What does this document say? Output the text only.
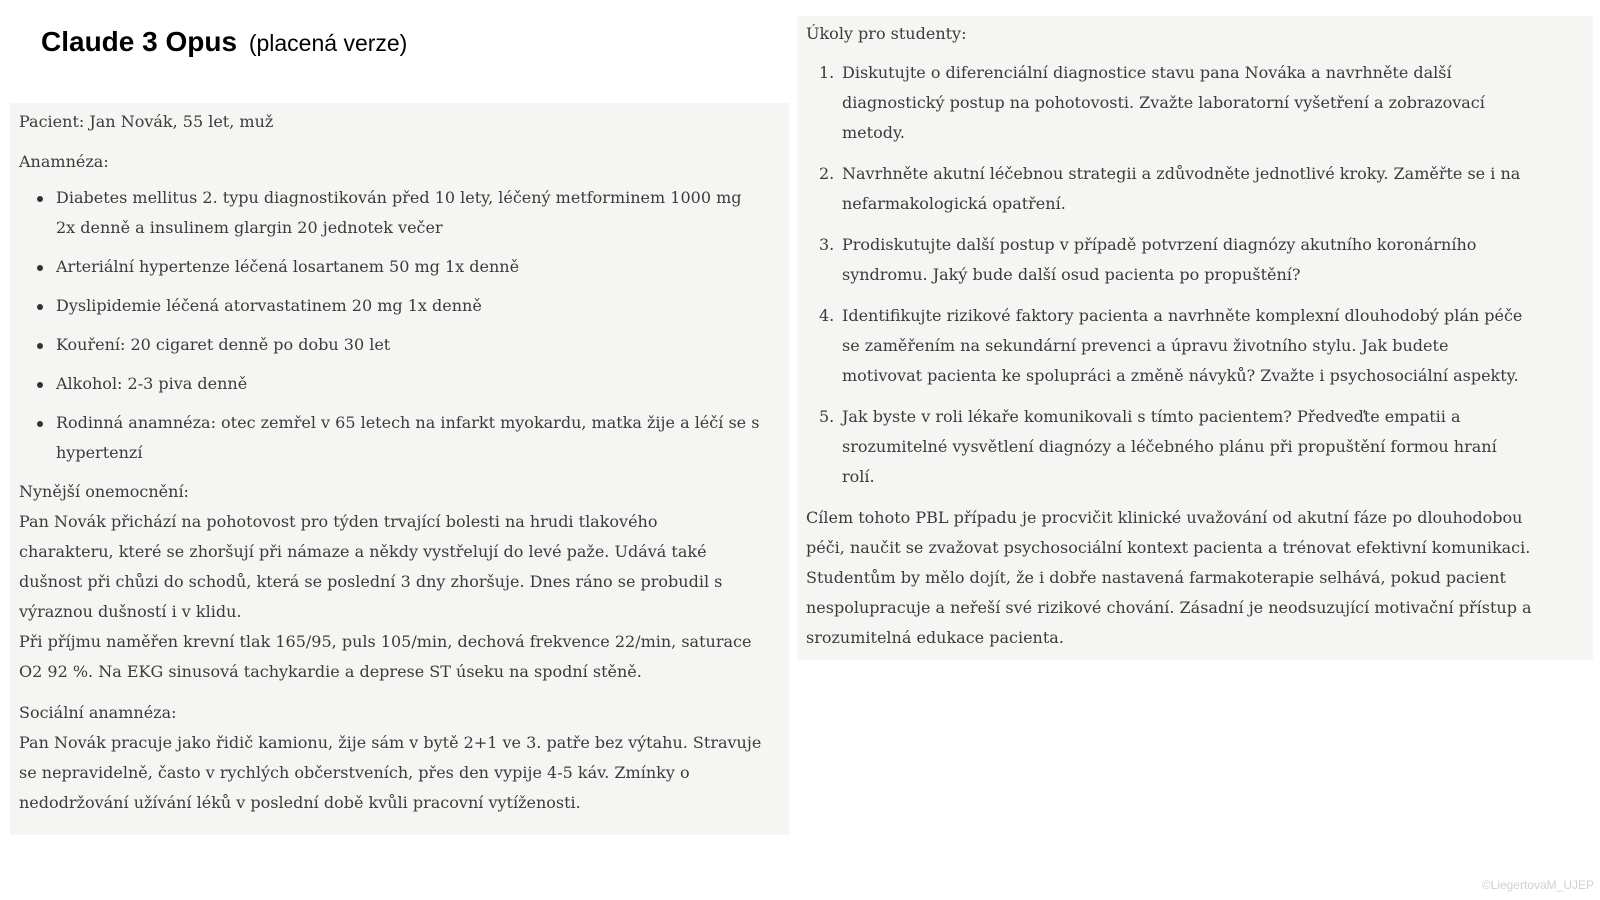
Claude 3 Opus (placená verze)

Pacient: Jan Novák, 55 let, muž

Anamnéza:

Diabetes mellitus 2. typu diagnostikován před 10 lety, léčený metforminem 1000 mg
2x denně a insulinem glargin 20 jednotek večer
Arteriální hypertenze léčená losartanem 50 mg 1x denně
Dyslipidemie léčená atorvastatinem 20 mg 1x denně
Kouření: 20 cigaret denně po dobu 30 let
Alkohol: 2-3 piva denně
Rodinná anamnéza: otec zemřel v 65 letech na infarkt myokardu, matka žije a léčí se s
hypertenzí

Nynější onemocnění:

Pan Novák přichází na pohotovost pro týden trvající bolesti na hrudi tlakového
charakteru, které se zhoršují při námaze a někdy vystřelují do levé paže. Udává také
dušnost při chůzi do schodů, která se poslední 3 dny zhoršuje. Dnes ráno se probudil s
výraznou dušností i v klidu.

Při příjmu naměřen krevní tlak 165/95, puls 105/min, dechová frekvence 22/min, saturace
O2 92 %. Na EKG sinusová tachykardie a deprese ST úseku na spodní stěně.

Sociální anamnéza:

Pan Novák pracuje jako řidič kamionu, žije sám v bytě 2+1 ve 3. patře bez výtahu. Stravuje
se nepravidelně, často v rychlých občerstveních, přes den vypije 4-5 káv. Zmínky o
nedodržování užívání léků v poslední době kvůli pracovní vytíženosti.

Úkoly pro studenty:

1. Diskutujte o diferenciální diagnostice stavu pana Nováka a navrhněte další
diagnostický postup na pohotovosti. Zvažte laboratorní vyšetření a zobrazovací
metody.
2. Navrhněte akutní léčebnou strategii a zdůvodněte jednotlivé kroky. Zaměřte se i na
nefarmakologická opatření.
3. Prodiskutujte další postup v případě potvrzení diagnózy akutního koronárního
syndromu. Jaký bude další osud pacienta po propuštění?
4. Identifikujte rizikové faktory pacienta a navrhněte komplexní dlouhodobý plán péče
se zaměřením na sekundární prevenci a úpravu životního stylu. Jak budete
motivovat pacienta ke spolupráci a změně návyků? Zvažte i psychosociální aspekty.
5. Jak byste v roli lékaře komunikovali s tímto pacientem? Předveďte empatii a
srozumitelné vysvětlení diagnózy a léčebného plánu při propuštění formou hraní
rolí.

Cílem tohoto PBL případu je procvičit klinické uvažování od akutní fáze po dlouhodobou
péči, naučit se zvažovat psychosociální kontext pacienta a trénovat efektivní komunikaci.
Studentům by mělo dojít, že i dobře nastavená farmakoterapie selhává, pokud pacient
nespolupracuje a neřeší své rizikové chování. Zásadní je neodsuzující motivační přístup a
srozumitelná edukace pacienta.

©LiegertovaM_UJEP
